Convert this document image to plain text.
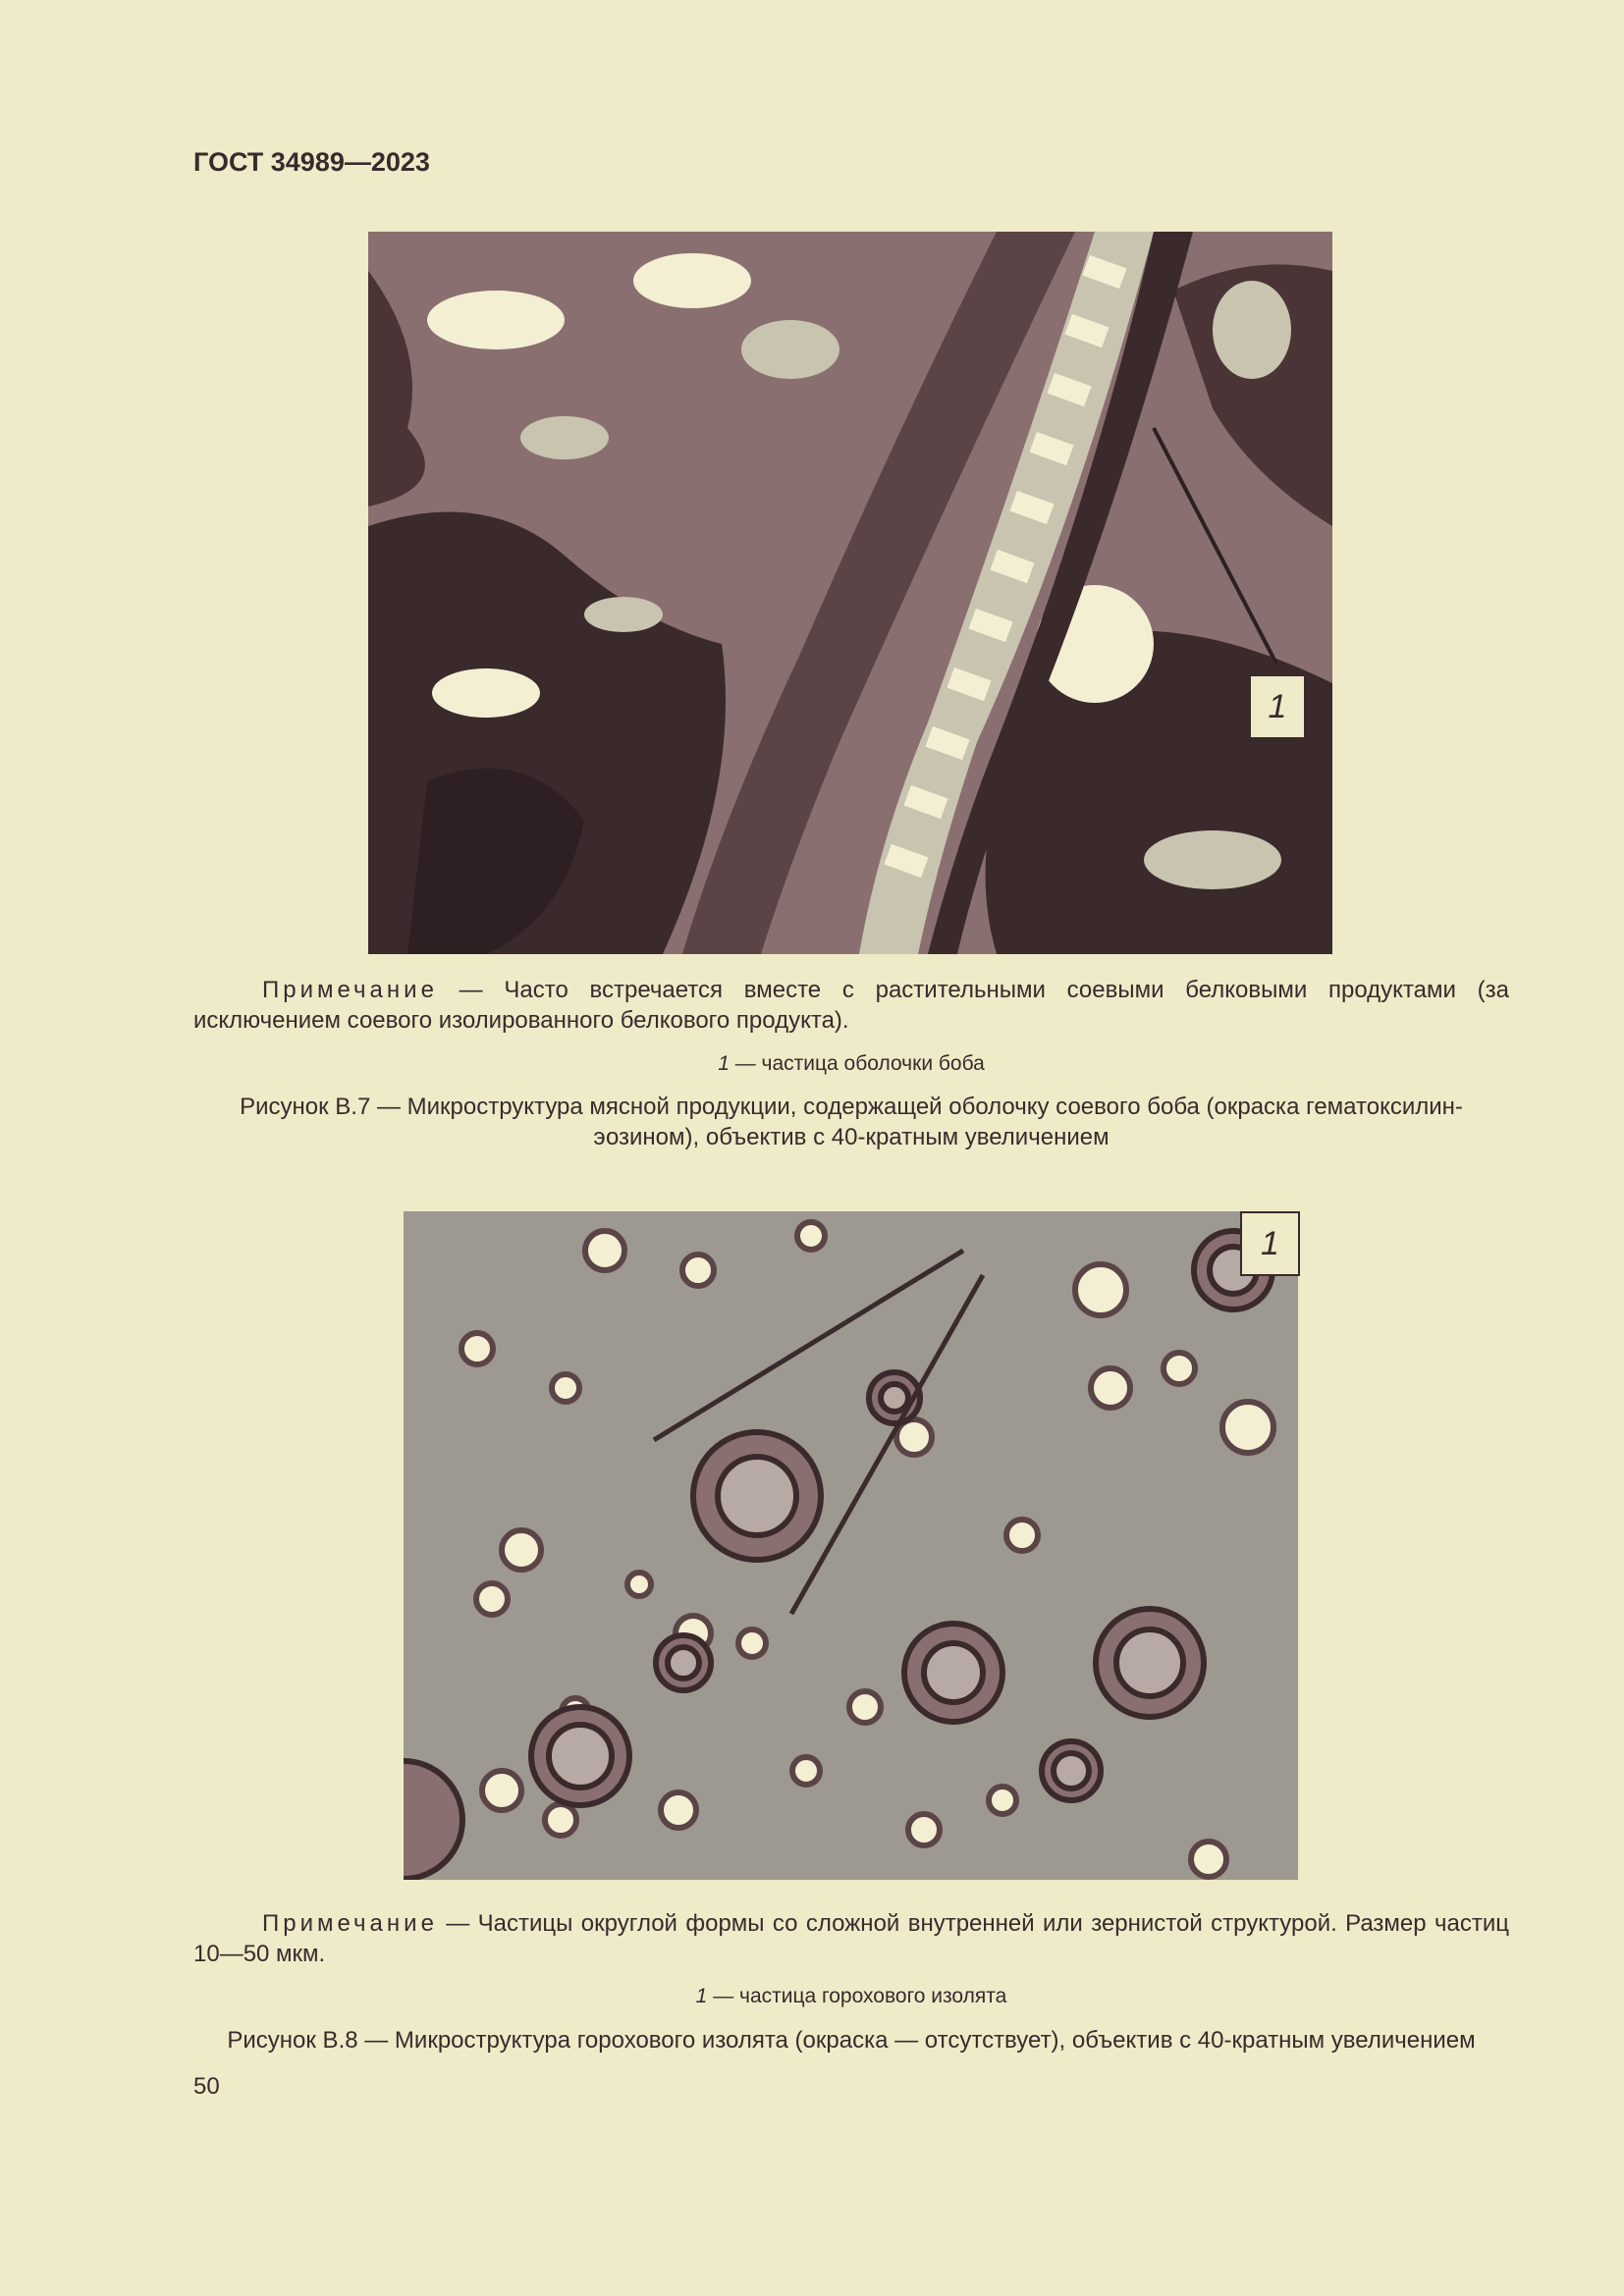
ГОСТ 34989—2023
1
Примечание — Часто встречается вместе с растительными соевыми белковыми продуктами (за исключением соевого изолированного белкового продукта).
1 — частица оболочки боба
Рисунок В.7 — Микроструктура мясной продукции, содержащей оболочку соевого боба (окраска гематоксилин-эозином), объектив с 40-кратным увеличением
1
Примечание — Частицы округлой формы со сложной внутренней или зернистой структурой. Размер частиц 10—50 мкм.
1 — частица горохового изолята
Рисунок В.8 — Микроструктура горохового изолята (окраска — отсутствует), объектив с 40-кратным увеличением
50
